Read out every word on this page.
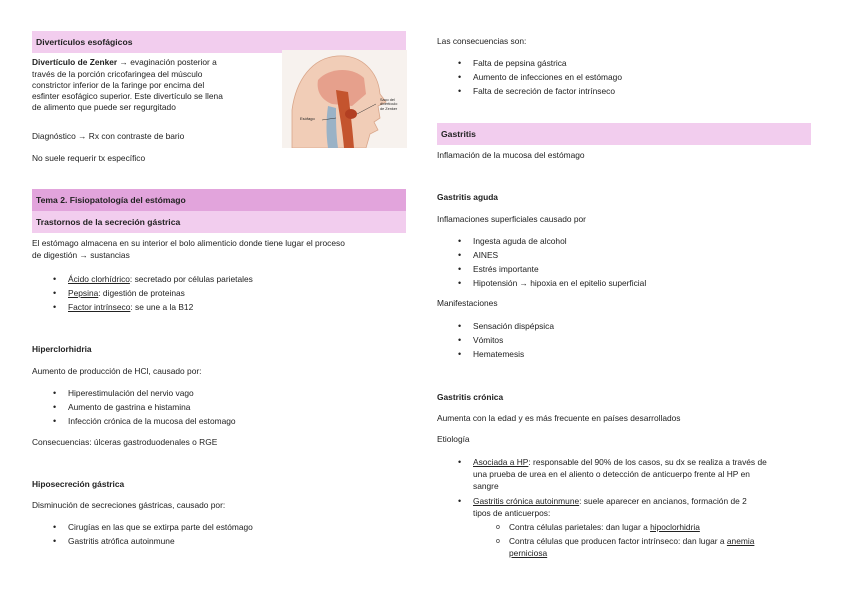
Divertículos esofágicos
Divertículo de Zenker → evaginación posterior a
través de la porción cricofaringea del músculo
constrictor inferior de la faringe por encima del
esfinter esofágico superior. Este divertículo se llena
de alimento que puede ser regurgitado
Saco del
divertículo
de Zenker
Esófago
Diagnóstico → Rx con contraste de bario
No suele requerir tx específico
Tema 2. Fisiopatología del estómago
Trastornos de la secreción gástrica
El estómago almacena en su interior el bolo alimenticio donde tiene lugar el proceso
de digestión → sustancias
• Ácido clorhídrico: secretado por células parietales
• Pepsina: digestión de proteinas
• Factor intrínseco: se une a la B12
Hiperclorhidria
Aumento de producción de HCl, causado por:
• Hiperestimulación del nervio vago
• Aumento de gastrina e histamina
• Infección crónica de la mucosa del estomago
Consecuencias: úlceras gastroduodenales o RGE
Hiposecreción gástrica
Disminución de secreciones gástricas, causado por:
• Cirugías en las que se extirpa parte del estómago
• Gastritis atrófica autoinmune
Las consecuencias son:
• Falta de pepsina gástrica
• Aumento de infecciones en el estómago
• Falta de secreción de factor intrínseco
Gastritis
Inflamación de la mucosa del estómago
Gastritis aguda
Inflamaciones superficiales causado por
• Ingesta aguda de alcohol
• AINES
• Estrés importante
• Hipotensión → hipoxia en el epitelio superficial
Manifestaciones
• Sensación dispépsica
• Vómitos
• Hematemesis
Gastritis crónica
Aumenta con la edad y es más frecuente en países desarrollados
Etiología
• Asociada a HP: responsable del 90% de los casos, su dx se realiza a través de
una prueba de urea en el aliento o detección de anticuerpo frente al HP en
sangre
• Gastritis crónica autoinmune: suele aparecer en ancianos, formación de 2
tipos de anticuerpos:
o Contra células parietales: dan lugar a hipoclorhidria
o Contra células que producen factor intrínseco: dan lugar a anemia
perniciosa
